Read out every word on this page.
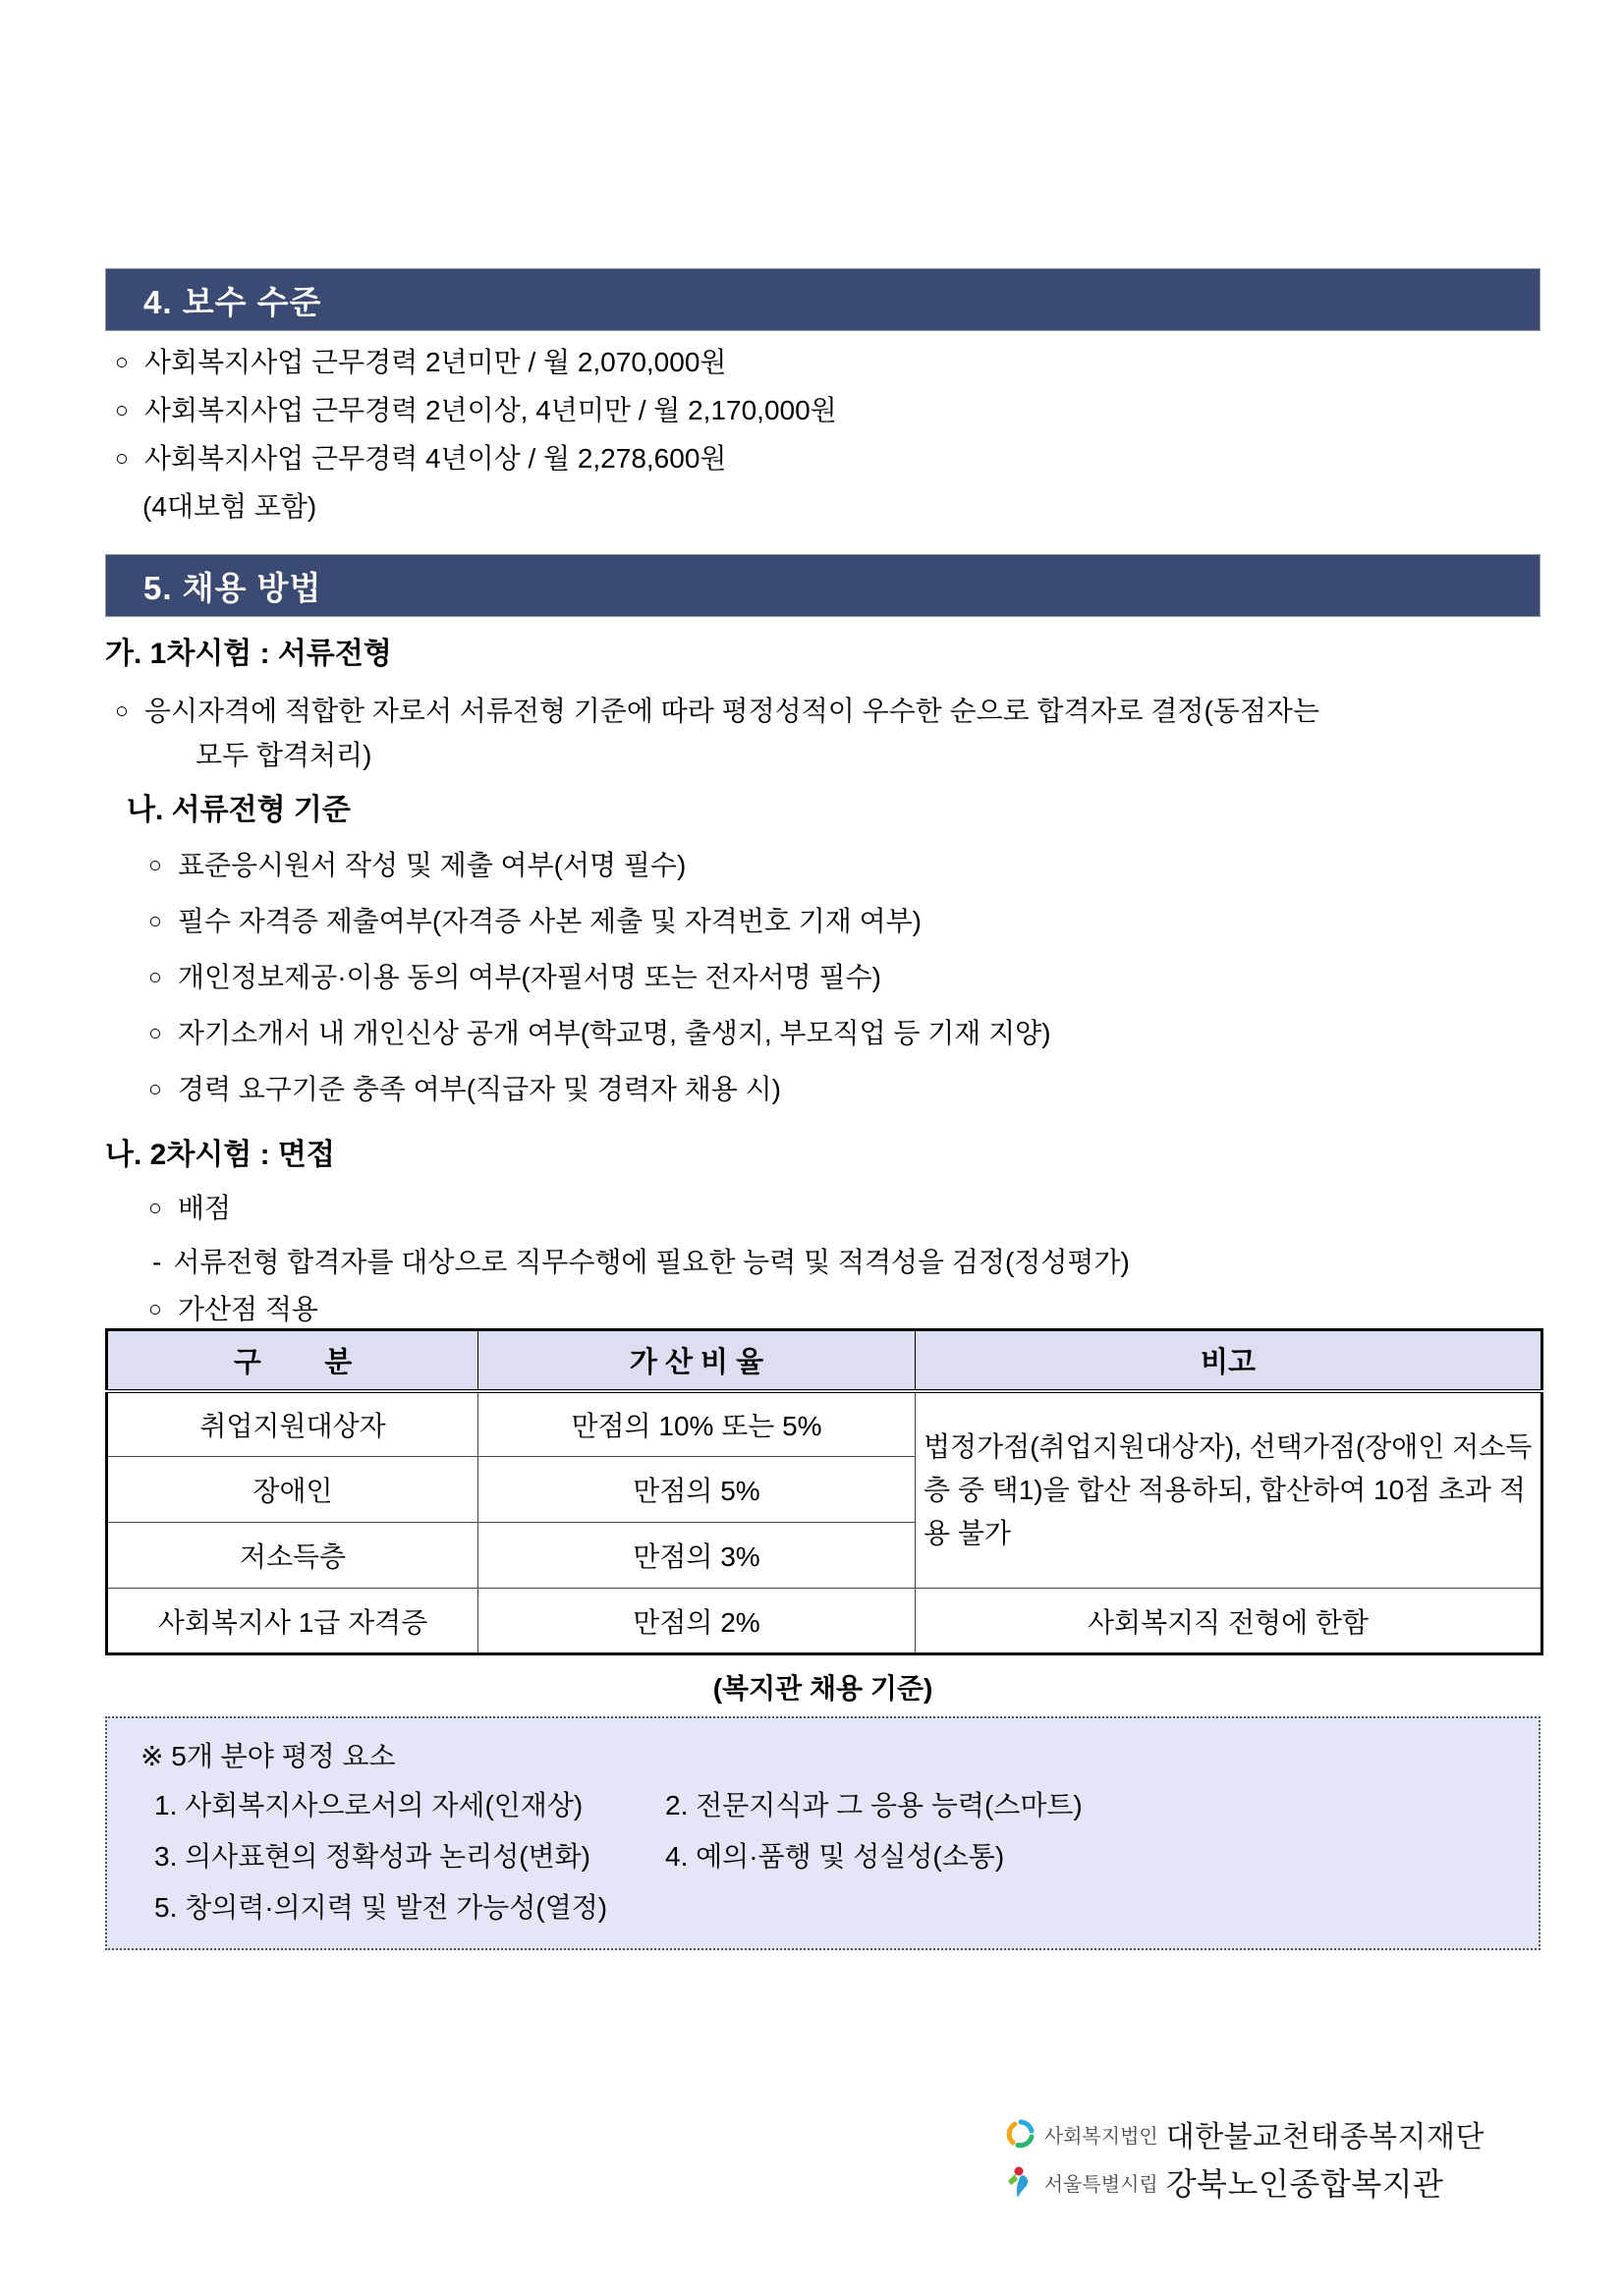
4. 보수 수준
○ 사회복지사업 근무경력 2년미만 / 월 2,070,000원
○ 사회복지사업 근무경력 2년이상, 4년미만 / 월 2,170,000원
○ 사회복지사업 근무경력 4년이상 / 월 2,278,600원
(4대보험 포함)
5. 채용 방법
가. 1차시험 : 서류전형
○ 응시자격에 적합한 자로서 서류전형 기준에 따라 평정성적이 우수한 순으로 합격자로 결정(동점자는
모두 합격처리)
나. 서류전형 기준
○ 표준응시원서 작성 및 제출 여부(서명 필수)
○ 필수 자격증 제출여부(자격증 사본 제출 및 자격번호 기재 여부)
○ 개인정보제공·이용 동의 여부(자필서명 또는 전자서명 필수)
○ 자기소개서 내 개인신상 공개 여부(학교명, 출생지, 부모직업 등 기재 지양)
○ 경력 요구기준 충족 여부(직급자 및 경력자 채용 시)
나. 2차시험 : 면접
○ 배점
- 서류전형 합격자를 대상으로 직무수행에 필요한 능력 및 적격성을 검정(정성평가)
○ 가산점 적용
구        분	가 산 비 율	비고
취업지원대상자	만점의 10% 또는 5%	법정가점(취업지원대상자), 선택가점(장애인 저소득층 중 택1)을 합산 적용하되, 합산하여 10점 초과 적용 불가
장애인	만점의 5%	
저소득층	만점의 3%	
사회복지사 1급 자격증	만점의 2%	사회복지직 전형에 한함
(복지관 채용 기준)
※ 5개 분야 평정 요소
1. 사회복지사으로서의 자세(인재상)	2. 전문지식과 그 응용 능력(스마트)
3. 의사표현의 정확성과 논리성(변화)	4. 예의·품행 및 성실성(소통)
5. 창의력·의지력 및 발전 가능성(열정)
사회복지법인 대한불교천태종복지재단
서울특별시립 강북노인종합복지관
